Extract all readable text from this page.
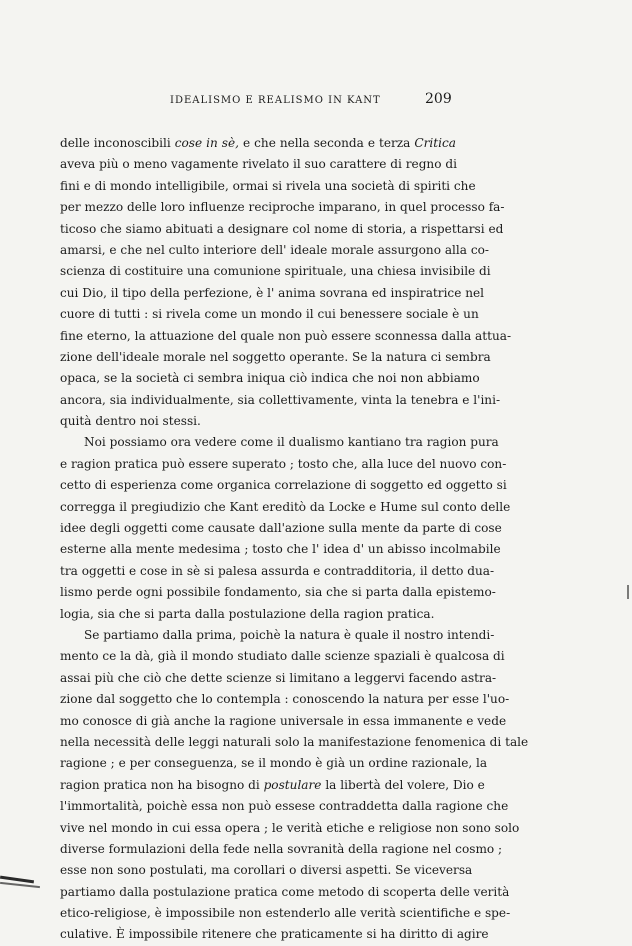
IDEALISMO E REALISMO IN KANT	209
delle inconoscibili cose in sè, e che nella seconda e terza Critica
aveva più o meno vagamente rivelato il suo carattere di regno di
fini e di mondo intelligibile, ormai si rivela una società di spiriti che
per mezzo delle loro influenze reciproche imparano, in quel processo fa-
ticoso che siamo abituati a designare col nome di storia, a rispettarsi ed
amarsi, e che nel culto interiore dell' ideale morale assurgono alla co-
scienza di costituire una comunione spirituale, una chiesa invisibile di
cui Dio, il tipo della perfezione, è l' anima sovrana ed inspiratrice nel
cuore di tutti : si rivela come un mondo il cui benessere sociale è un
fine eterno, la attuazione del quale non può essere sconnessa dalla attua-
zione dell'ideale morale nel soggetto operante. Se la natura ci sembra
opaca, se la società ci sembra iniqua ciò indica che noi non abbiamo
ancora, sia individualmente, sia collettivamente, vinta la tenebra e l'ini-
quità dentro noi stessi.
Noi possiamo ora vedere come il dualismo kantiano tra ragion pura
e ragion pratica può essere superato ; tosto che, alla luce del nuovo con-
cetto di esperienza come organica correlazione di soggetto ed oggetto si
corregga il pregiudizio che Kant ereditò da Locke e Hume sul conto delle
idee degli oggetti come causate dall'azione sulla mente da parte di cose
esterne alla mente medesima ; tosto che l' idea d' un abisso incolmabile
tra oggetti e cose in sè si palesa assurda e contradditoria, il detto dua-
lismo perde ogni possibile fondamento, sia che si parta dalla epistemo-
logia, sia che si parta dalla postulazione della ragion pratica.
Se partiamo dalla prima, poichè la natura è quale il nostro intendi-
mento ce la dà, già il mondo studiato dalle scienze spaziali è qualcosa di
assai più che ciò che dette scienze si limitano a leggervi facendo astra-
zione dal soggetto che lo contempla : conoscendo la natura per esse l'uo-
mo conosce di già anche la ragione universale in essa immanente e vede
nella necessità delle leggi naturali solo la manifestazione fenomenica di tale
ragione ; e per conseguenza, se il mondo è già un ordine razionale, la
ragion pratica non ha bisogno di postulare la libertà del volere, Dio e
l'immortalità, poichè essa non può essese contraddetta dalla ragione che
vive nel mondo in cui essa opera ; le verità etiche e religiose non sono solo
diverse formulazioni della fede nella sovranità della ragione nel cosmo ;
esse non sono postulati, ma corollari o diversi aspetti. Se viceversa
partiamo dalla postulazione pratica come metodo di scoperta delle verità
etico-religiose, è impossibile non estenderlo alle verità scientifiche e spe-
culative. È impossibile ritenere che praticamente si ha diritto di agire
